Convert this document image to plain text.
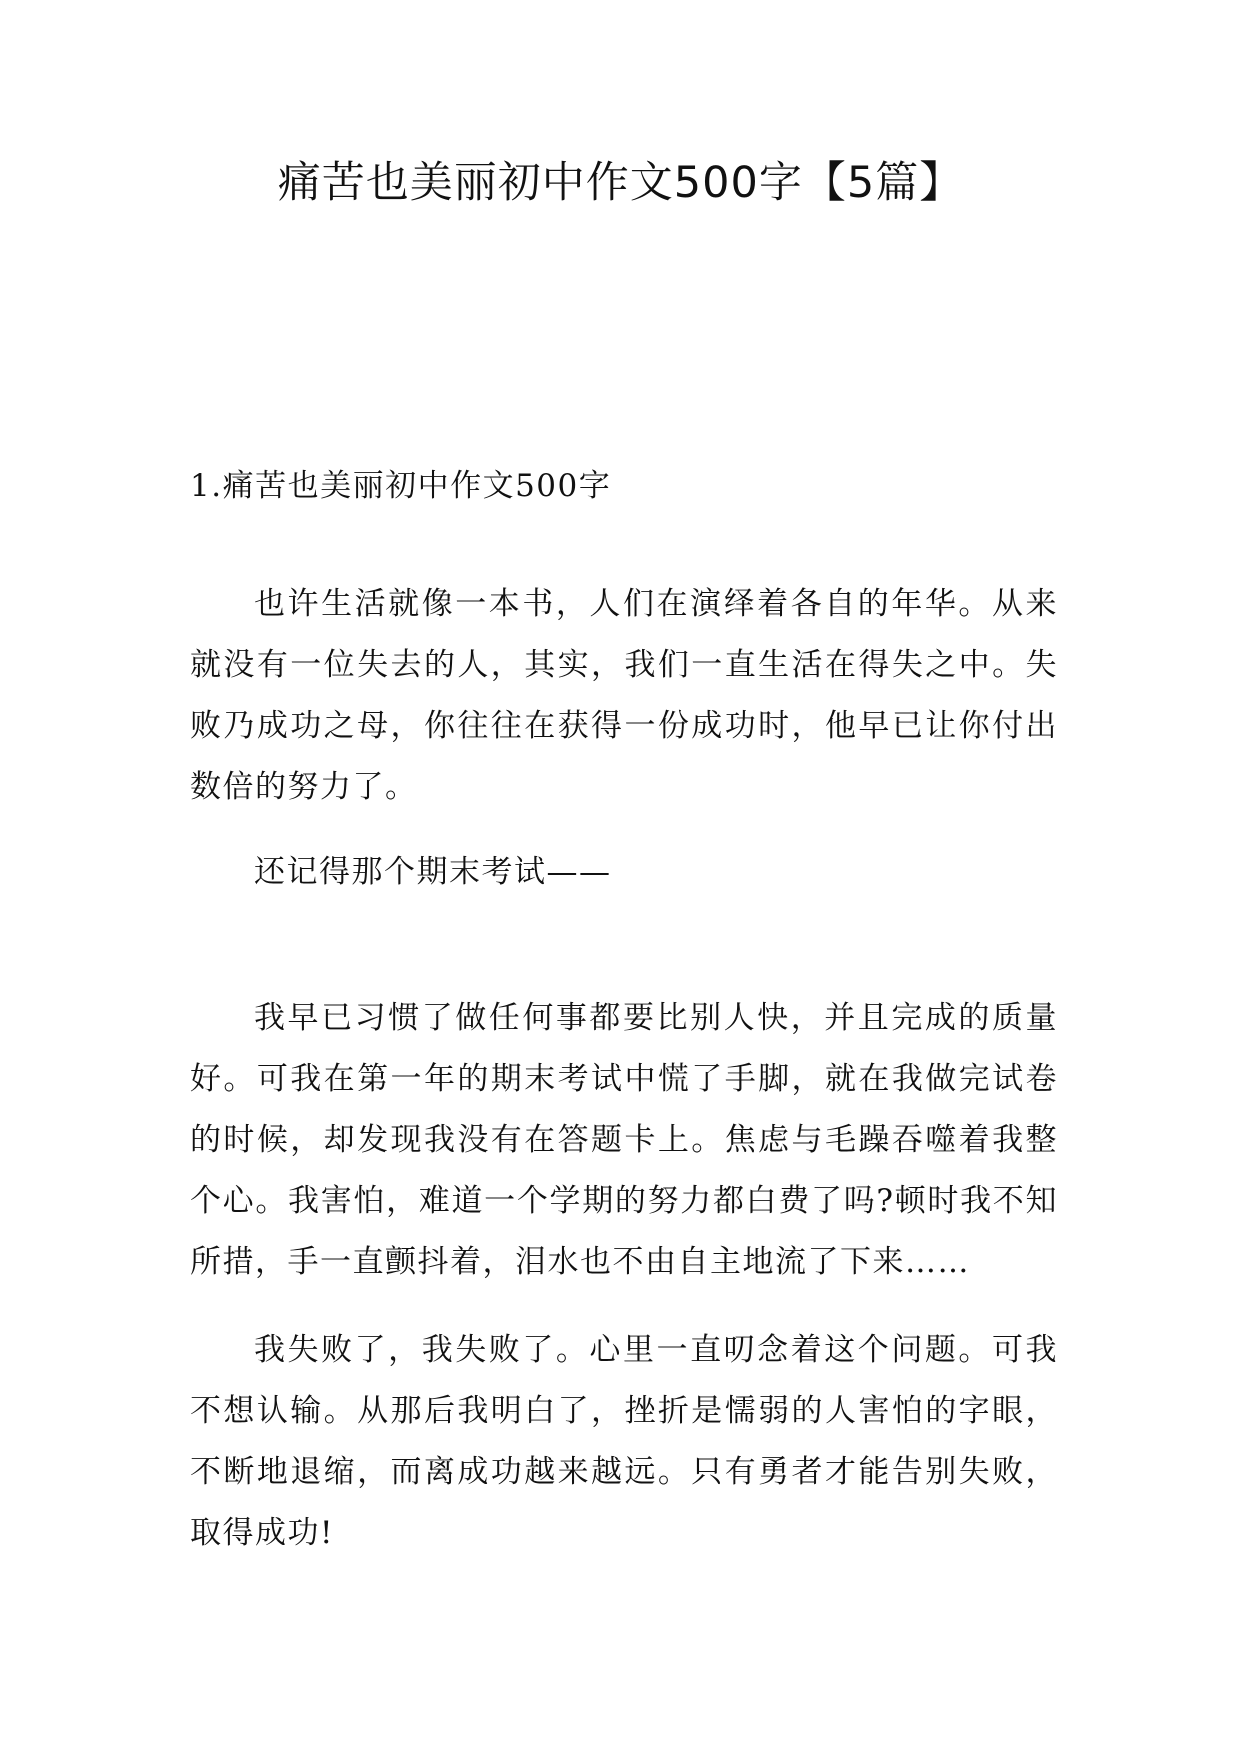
痛苦也美丽初中作文500字【5篇】

1.痛苦也美丽初中作文500字

也许生活就像一本书，人们在演绎着各自的年华。从来就没有一位失去的人，其实，我们一直生活在得失之中。失败乃成功之母，你往往在获得一份成功时，他早已让你付出数倍的努力了。

还记得那个期末考试——

我早已习惯了做任何事都要比别人快，并且完成的质量好。可我在第一年的期末考试中慌了手脚，就在我做完试卷的时候，却发现我没有在答题卡上。焦虑与毛躁吞噬着我整个心。我害怕，难道一个学期的努力都白费了吗?顿时我不知所措，手一直颤抖着，泪水也不由自主地流了下来……

我失败了，我失败了。心里一直叨念着这个问题。可我不想认输。从那后我明白了，挫折是懦弱的人害怕的字眼，不断地退缩，而离成功越来越远。只有勇者才能告别失败，取得成功!
